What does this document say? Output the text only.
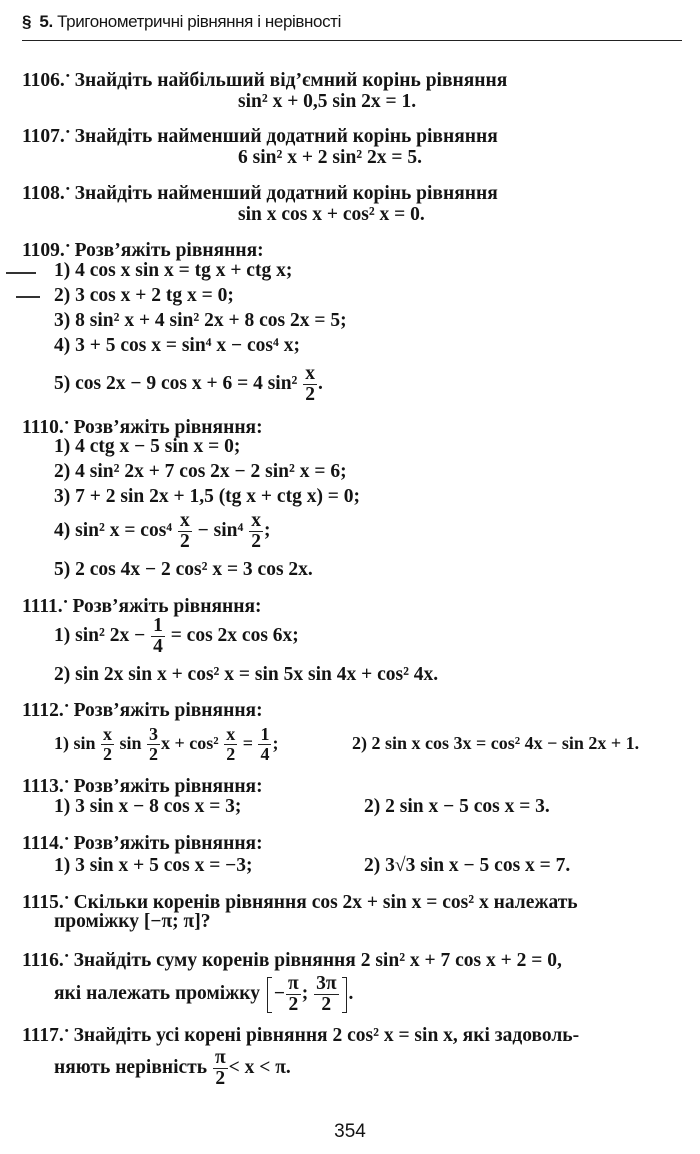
§ 5. Тригонометричні рівняння і нерівності
1106.• Знайдіть найбільший від’ємний корінь рівняння
sin² x + 0,5 sin 2x = 1.
1107.• Знайдіть найменший додатний корінь рівняння
6 sin² x + 2 sin² 2x = 5.
1108.• Знайдіть найменший додатний корінь рівняння
sin x cos x + cos² x = 0.
1109.• Розв’яжіть рівняння:
1) 4 cos x sin x = tg x + ctg x;
2) 3 cos x + 2 tg x = 0;
3) 8 sin² x + 4 sin² 2x + 8 cos 2x = 5;
4) 3 + 5 cos x = sin⁴ x − cos⁴ x;
5) cos 2x − 9 cos x + 6 = 4 $\sin^2 \frac{x}{2}$ .
1110.• Розв’яжіть рівняння:
1) 4 ctg x − 5 sin x = 0;
2) 4 sin² 2x + 7 cos 2x − 2 sin² x = 6;
3) 7 + 2 sin 2x + 1,5 (tg x + ctg x) = 0;
4) sin² $x = \cos^4 \frac{x}{2} - \sin^4 \frac{x}{2}$ ;
5) 2 cos 4x − 2 cos² x = 3 cos 2x.
1111.• Розв’яжіть рівняння:
1) sin² $2x - \frac{1}{4} = \cos 2x$ cos 6x;
2) sin 2x sin x + cos² x = sin 5x sin 4x + cos² 4x.
1112.• Розв’яжіть рівняння:
1) $\sin \frac{x}{2}$ $\sin \frac{3}{2}$ $x + \cos^2 \frac{x}{2} = \frac{1}{4}$ ;	2) 2 sin x cos 3x = cos² 4x − sin 2x + 1.
1113.• Розв’яжіть рівняння:
1) 3 sin x − 8 cos x = 3;	2) 2 sin x − 5 cos x = 3.
1114.• Розв’яжіть рівняння:
1) 3 sin x + 5 cos x = −3;	2) 3√3 sin x − 5 cos x = 7.
1115.• Скільки коренів рівняння cos 2x + sin x = cos² x належать
проміжку [−π; π]?
1116.• Знайдіть суму коренів рівняння 2 sin² x + 7 cos x + 2 = 0,
які належать проміжку − $\frac{\pi}{2}$ ; $\frac{3\pi}{2}$ .
1117.• Знайдіть усі корені рівняння 2 cos² x = sin x, які задоволь-
няють нерівність $\frac{\pi}{2} < x < \pi$.
354
